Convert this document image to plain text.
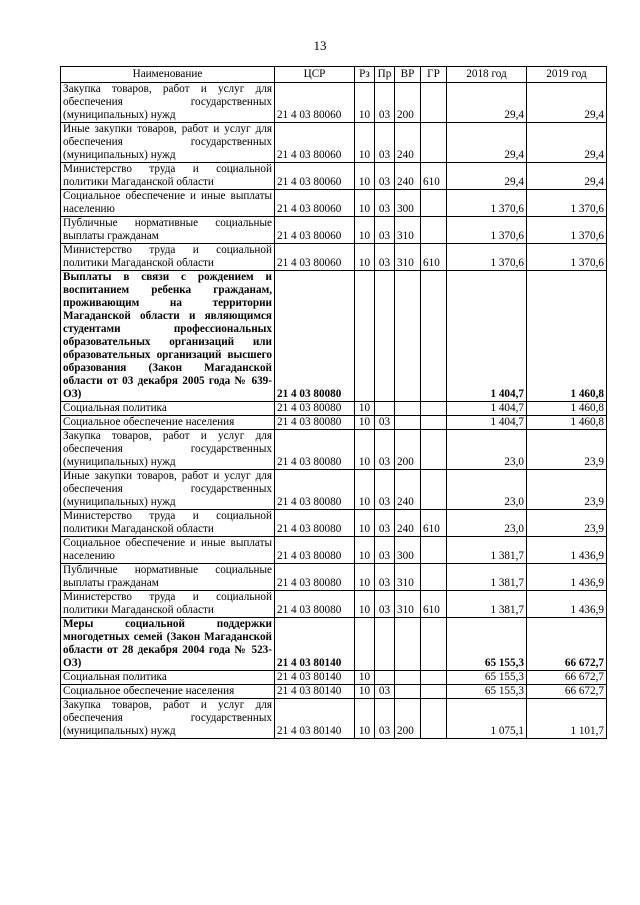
13
Наименование	ЦСР	Рз	Пр	ВР	ГР	2018 год	2019 год
Закупка товаров, работ и услуг для обеспечения государственных (муниципальных) нужд	21 4 03 80060	10	03	200		29,4	29,4
Иные закупки товаров, работ и услуг для обеспечения государственных (муниципальных) нужд	21 4 03 80060	10	03	240		29,4	29,4
Министерство труда и социальной политики Магаданской области	21 4 03 80060	10	03	240	610	29,4	29,4
Социальное обеспечение и иные выплаты населению	21 4 03 80060	10	03	300		1 370,6	1 370,6
Публичные нормативные социальные выплаты гражданам	21 4 03 80060	10	03	310		1 370,6	1 370,6
Министерство труда и социальной политики Магаданской области	21 4 03 80060	10	03	310	610	1 370,6	1 370,6
Выплаты в связи с рождением и воспитанием ребенка гражданам, проживающим на территории Магаданской области и являющимся студентами профессиональных образовательных организаций или образовательных организаций высшего образования (Закон Магаданской области от 03 декабря 2005 года № 639-ОЗ)	21 4 03 80080					1 404,7	1 460,8
Социальная политика	21 4 03 80080	10				1 404,7	1 460,8
Социальное обеспечение населения	21 4 03 80080	10	03			1 404,7	1 460,8
Закупка товаров, работ и услуг для обеспечения государственных (муниципальных) нужд	21 4 03 80080	10	03	200		23,0	23,9
Иные закупки товаров, работ и услуг для обеспечения государственных (муниципальных) нужд	21 4 03 80080	10	03	240		23,0	23,9
Министерство труда и социальной политики Магаданской области	21 4 03 80080	10	03	240	610	23,0	23,9
Социальное обеспечение и иные выплаты населению	21 4 03 80080	10	03	300		1 381,7	1 436,9
Публичные нормативные социальные выплаты гражданам	21 4 03 80080	10	03	310		1 381,7	1 436,9
Министерство труда и социальной политики Магаданской области	21 4 03 80080	10	03	310	610	1 381,7	1 436,9
Меры социальной поддержки многодетных семей (Закон Магаданской области от 28 декабря 2004 года № 523-ОЗ)	21 4 03 80140					65 155,3	66 672,7
Социальная политика	21 4 03 80140	10				65 155,3	66 672,7
Социальное обеспечение населения	21 4 03 80140	10	03			65 155,3	66 672,7
Закупка товаров, работ и услуг для обеспечения государственных (муниципальных) нужд	21 4 03 80140	10	03	200		1 075,1	1 101,7
